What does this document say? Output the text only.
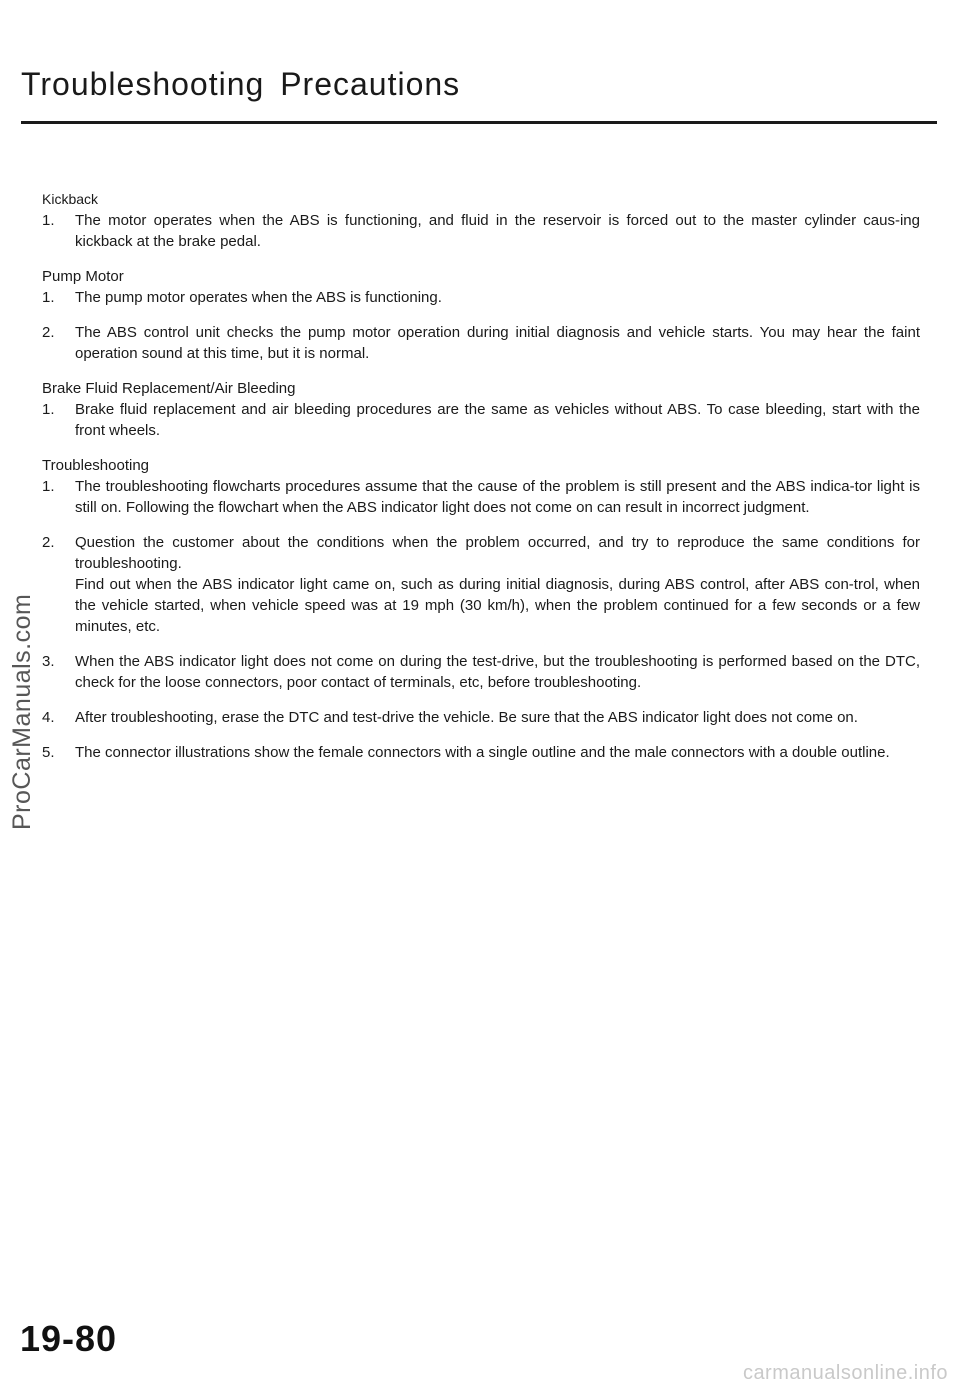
Troubleshooting Precautions
Kickback
1.	The motor operates when the ABS is functioning, and fluid in the reservoir is forced out to the master cylinder caus-ing kickback at the brake pedal.

Pump Motor
1.	The pump motor operates when the ABS is functioning.

2.	The ABS control unit checks the pump motor operation during initial diagnosis and vehicle starts. You may hear the faint operation sound at this time, but it is normal.

Brake Fluid Replacement/Air Bleeding
1.	Brake fluid replacement and air bleeding procedures are the same as vehicles without ABS. To case bleeding, start with the front wheels.

Troubleshooting
1.	The troubleshooting flowcharts procedures assume that the cause of the problem is still present and the ABS indica-tor light is still on. Following the flowchart when the ABS indicator light does not come on can result in incorrect judgment.

2.	Question the customer about the conditions when the problem occurred, and try to reproduce the same conditions for troubleshooting.

Find out when the ABS indicator light came on, such as during initial diagnosis, during ABS control, after ABS con-trol, when the vehicle started, when vehicle speed was at 19 mph (30 km/h), when the problem continued for a few seconds or a few minutes, etc.

3.	When the ABS indicator light does not come on during the test-drive, but the troubleshooting is performed based on the DTC, check for the loose connectors, poor contact of terminals, etc, before troubleshooting.

4.	After troubleshooting, erase the DTC and test-drive the vehicle. Be sure that the ABS indicator light does not come on.

5.	The connector illustrations show the female connectors with a single outline and the male connectors with a double outline.

ProCarManuals.com
19-80
carmanualsonline.info
